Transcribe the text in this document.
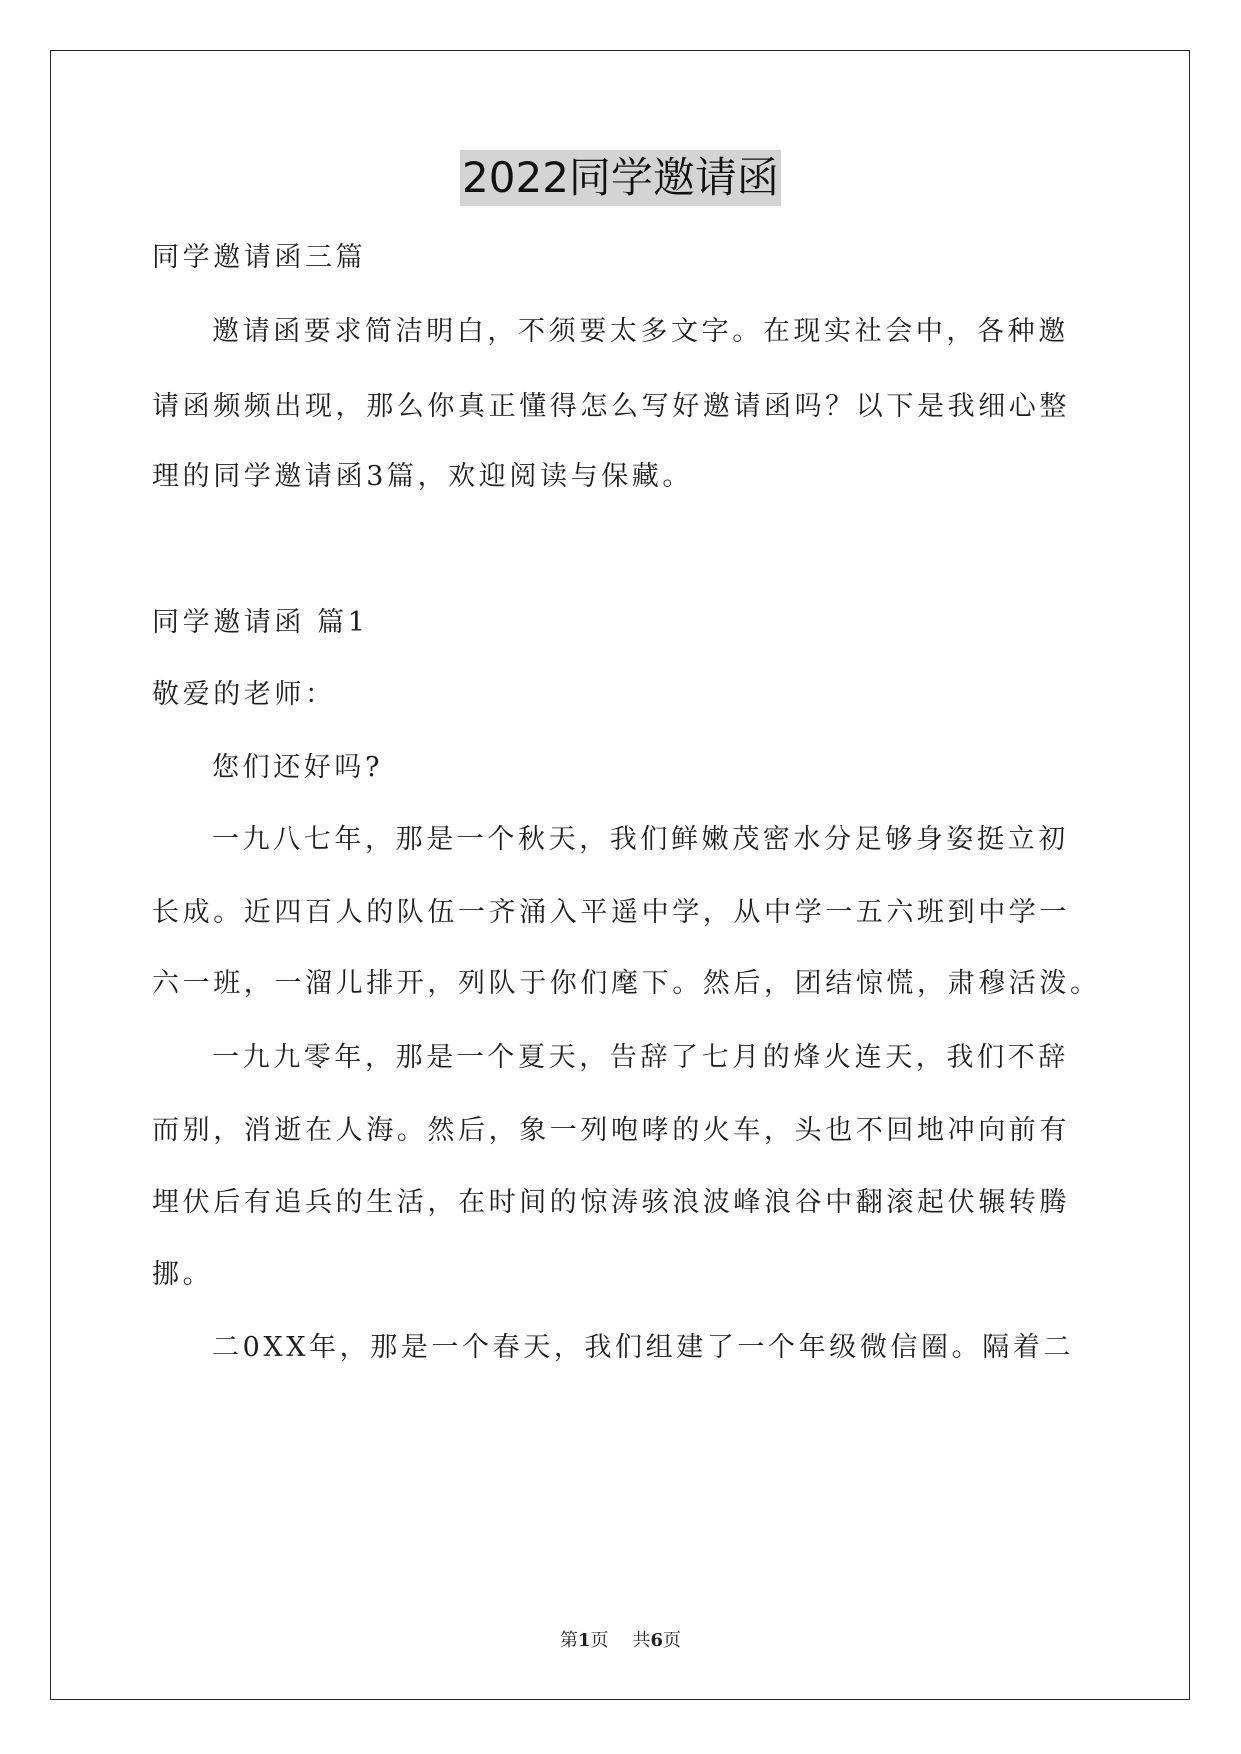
2022同学邀请函
同学邀请函三篇
邀请函要求简洁明白，不须要太多文字。在现实社会中，各种邀
请函频频出现，那么你真正懂得怎么写好邀请函吗？以下是我细心整
理的同学邀请函3篇，欢迎阅读与保藏。
同学邀请函 篇1
敬爱的老师：
您们还好吗?
一九八七年，那是一个秋天，我们鲜嫩茂密水分足够身姿挺立初
长成。近四百人的队伍一齐涌入平遥中学，从中学一五六班到中学一
六一班，一溜儿排开，列队于你们麾下。然后，团结惊慌，肃穆活泼。
一九九零年，那是一个夏天，告辞了七月的烽火连天，我们不辞
而别，消逝在人海。然后，象一列咆哮的火车，头也不回地冲向前有
埋伏后有追兵的生活，在时间的惊涛骇浪波峰浪谷中翻滚起伏辗转腾
挪。
二0XX年，那是一个春天，我们组建了一个年级微信圈。隔着二
第1页 共6页
